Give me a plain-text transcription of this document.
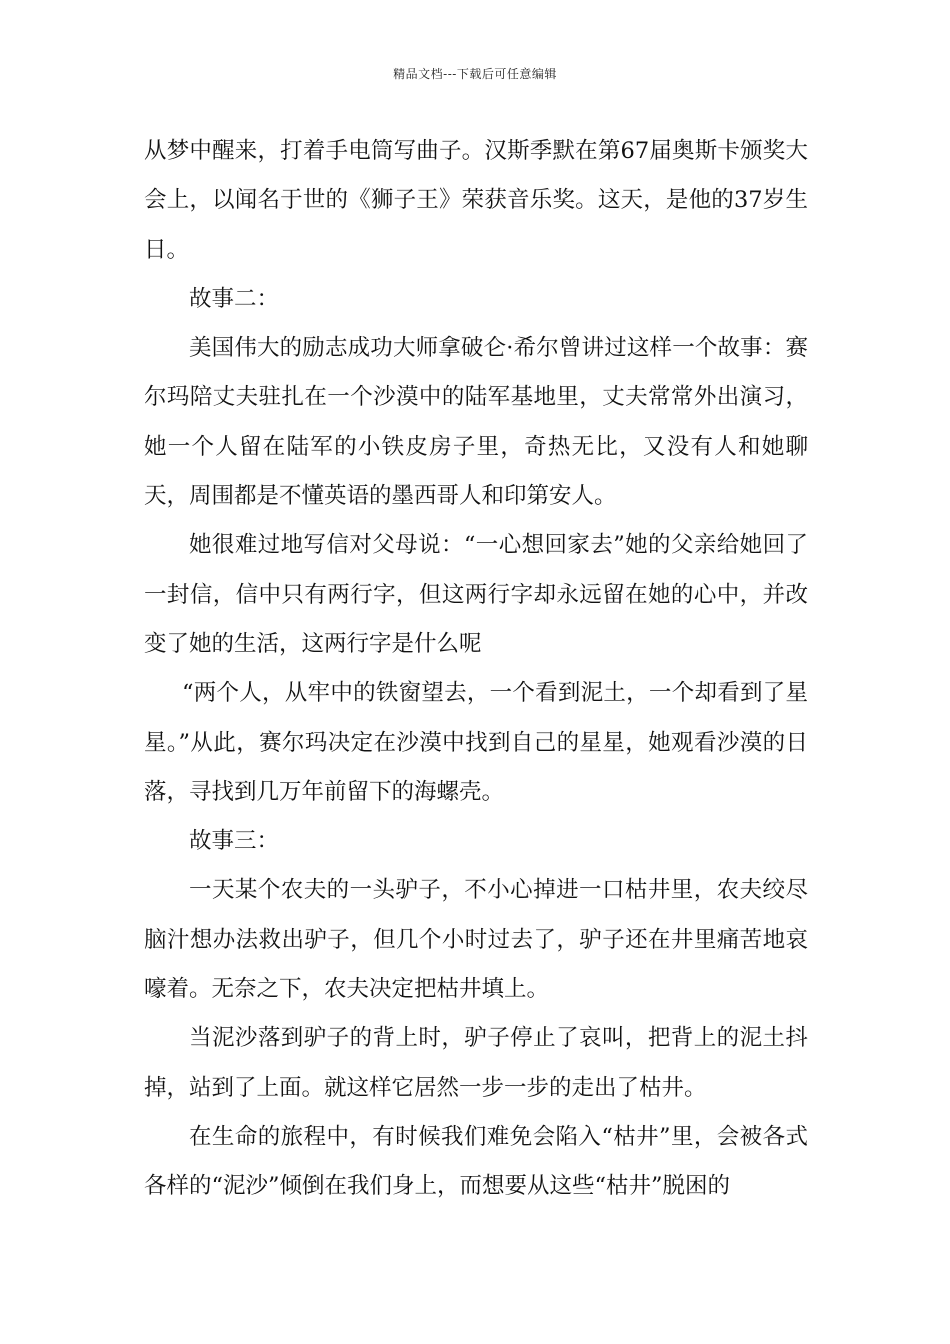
精品文档---下载后可任意编辑

从梦中醒来，打着手电筒写曲子。汉斯季默在第67届奥斯卡颁奖大会上，以闻名于世的《狮子王》荣获音乐奖。这天，是他的37岁生日。

故事二：

美国伟大的励志成功大师拿破仑·希尔曾讲过这样一个故事：赛尔玛陪丈夫驻扎在一个沙漠中的陆军基地里，丈夫常常外出演习，她一个人留在陆军的小铁皮房子里，奇热无比，又没有人和她聊天，周围都是不懂英语的墨西哥人和印第安人。

她很难过地写信对父母说：“一心想回家去”她的父亲给她回了一封信，信中只有两行字，但这两行字却永远留在她的心中，并改变了她的生活，这两行字是什么呢

“两个人，从牢中的铁窗望去，一个看到泥土，一个却看到了星星。”从此，赛尔玛决定在沙漠中找到自己的星星，她观看沙漠的日落，寻找到几万年前留下的海螺壳。

故事三：

一天某个农夫的一头驴子，不小心掉进一口枯井里，农夫绞尽脑汁想办法救出驴子，但几个小时过去了，驴子还在井里痛苦地哀嚎着。无奈之下，农夫决定把枯井填上。

当泥沙落到驴子的背上时，驴子停止了哀叫，把背上的泥土抖掉，站到了上面。就这样它居然一步一步的走出了枯井。

在生命的旅程中，有时候我们难免会陷入“枯井”里，会被各式各样的“泥沙”倾倒在我们身上，而想要从这些“枯井”脱困的
